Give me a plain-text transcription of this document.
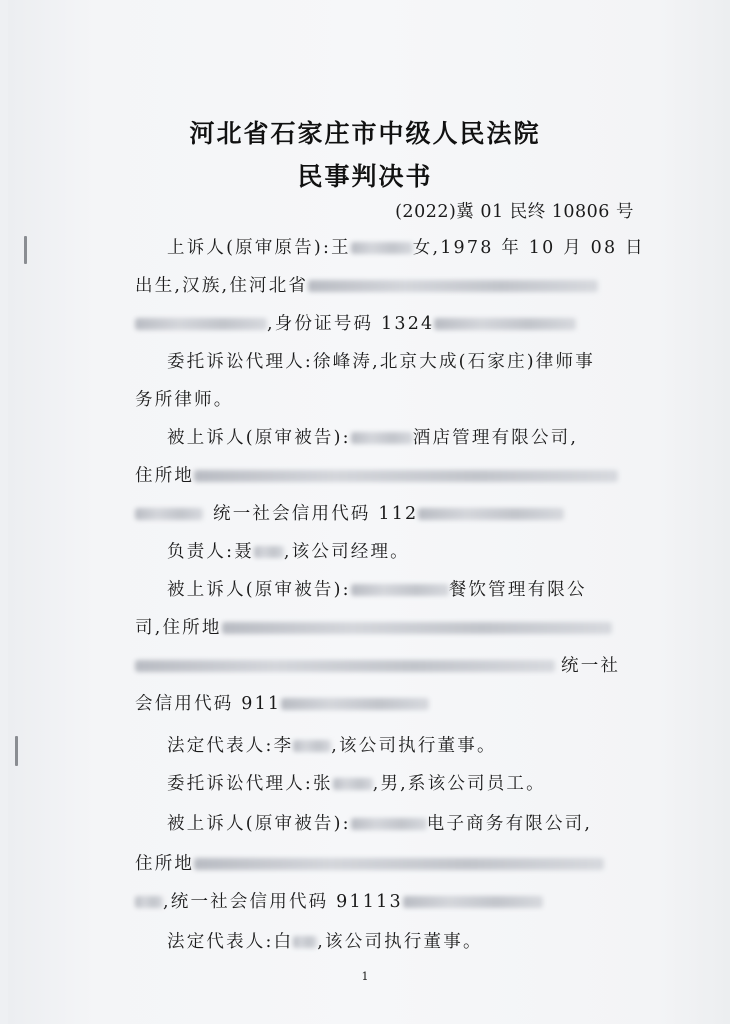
河北省石家庄市中级人民法院
民事判决书
(2022)冀 01 民终 10806 号
上诉人(原审原告):王	女,1978 年 10 月 08 日
出生,汉族,住河北省
,身份证号码 1324
委托诉讼代理人:徐峰涛,北京大成(石家庄)律师事
务所律师。
被上诉人(原审被告):	酒店管理有限公司,
住所地
统一社会信用代码 112
负责人:聂 ,该公司经理。
被上诉人(原审被告):	餐饮管理有限公
司,住所地
统一社
会信用代码 911
法定代表人:李 ,该公司执行董事。
委托诉讼代理人:张 ,男,系该公司员工。
被上诉人(原审被告):	电子商务有限公司,
住所地
,统一社会信用代码 91113
法定代表人:白 ,该公司执行董事。
1
